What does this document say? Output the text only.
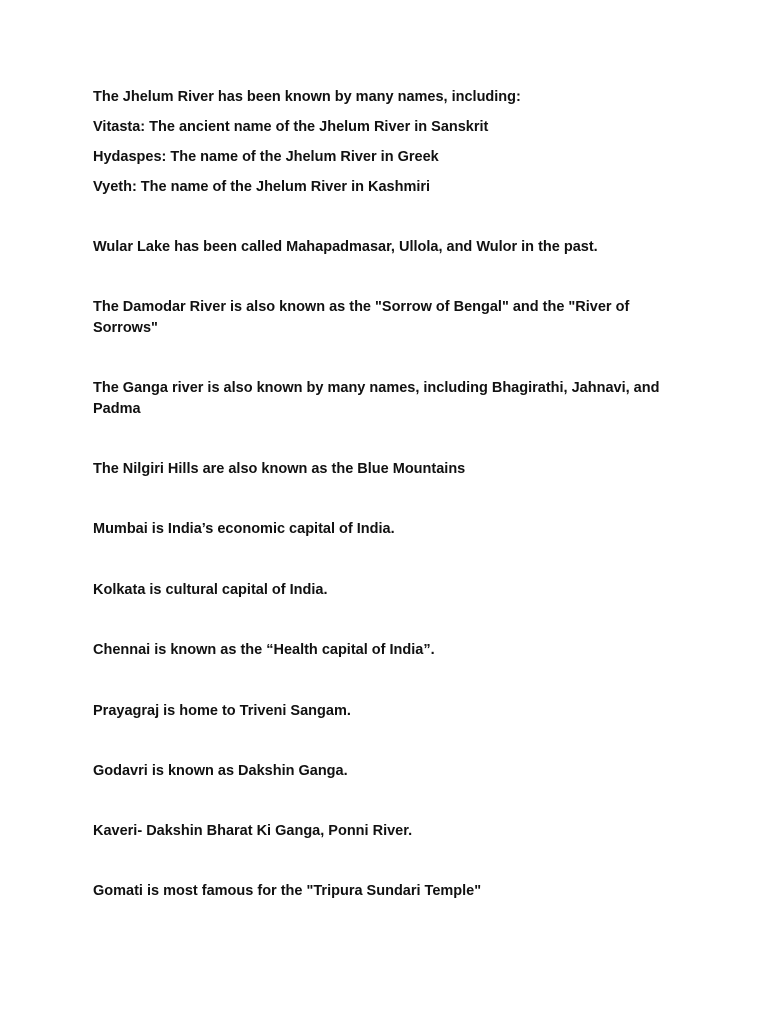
The Jhelum River has been known by many names, including:
Vitasta: The ancient name of the Jhelum River in Sanskrit
Hydaspes: The name of the Jhelum River in Greek
Vyeth: The name of the Jhelum River in Kashmiri
Wular Lake has been called Mahapadmasar, Ullola, and Wulor in the past.
The Damodar River is also known as the "Sorrow of Bengal" and the "River of Sorrows"
The Ganga river is also known by many names, including Bhagirathi, Jahnavi, and Padma
The Nilgiri Hills are also known as the Blue Mountains
Mumbai is India’s economic capital of India.
Kolkata is cultural capital of India.
Chennai is known as the “Health capital of India”.
Prayagraj is home to Triveni Sangam.
Godavri is known as Dakshin Ganga.
Kaveri- Dakshin Bharat Ki Ganga, Ponni River.
Gomati is most famous for the "Tripura Sundari Temple"
